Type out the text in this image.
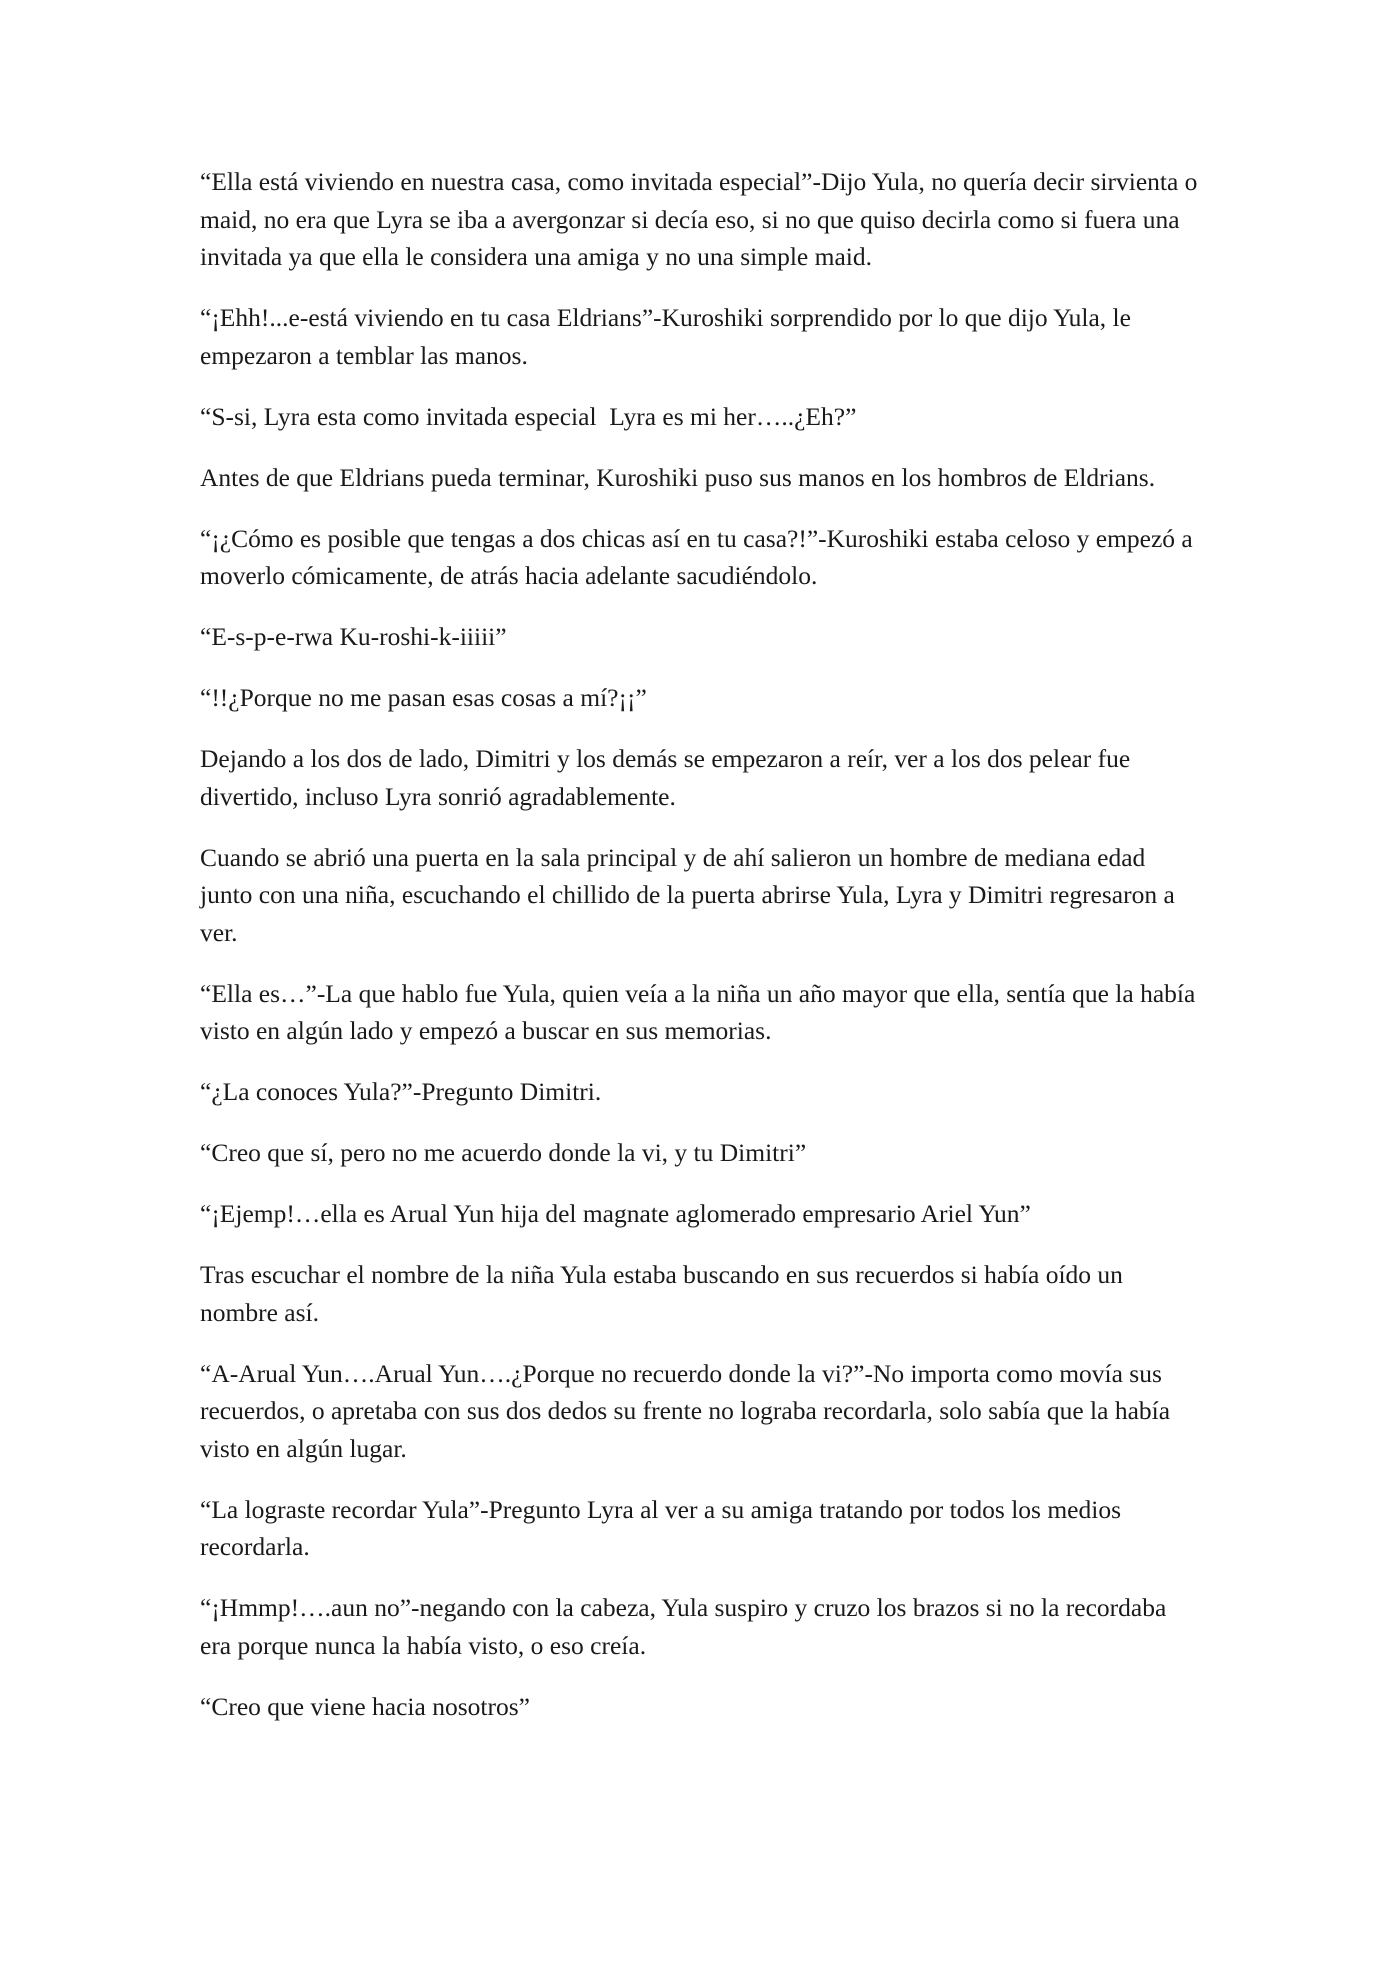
“Ella está viviendo en nuestra casa, como invitada especial”-Dijo Yula, no quería decir sirvienta o maid, no era que Lyra se iba a avergonzar si decía eso, si no que quiso decirla como si fuera una invitada ya que ella le considera una amiga y no una simple maid.

“¡Ehh!...e-está viviendo en tu casa Eldrians”-Kuroshiki sorprendido por lo que dijo Yula, le empezaron a temblar las manos.

“S-si, Lyra esta como invitada especial  Lyra es mi her…..¿Eh?”

Antes de que Eldrians pueda terminar, Kuroshiki puso sus manos en los hombros de Eldrians.

“¡¿Cómo es posible que tengas a dos chicas así en tu casa?!”-Kuroshiki estaba celoso y empezó a moverlo cómicamente, de atrás hacia adelante sacudiéndolo.

“E-s-p-e-rwa Ku-roshi-k-iiiii”

“!!¿Porque no me pasan esas cosas a mí?¡¡”

Dejando a los dos de lado, Dimitri y los demás se empezaron a reír, ver a los dos pelear fue divertido, incluso Lyra sonrió agradablemente.

Cuando se abrió una puerta en la sala principal y de ahí salieron un hombre de mediana edad junto con una niña, escuchando el chillido de la puerta abrirse Yula, Lyra y Dimitri regresaron a ver.

“Ella es…”-La que hablo fue Yula, quien veía a la niña un año mayor que ella, sentía que la había visto en algún lado y empezó a buscar en sus memorias.

“¿La conoces Yula?”-Pregunto Dimitri.

“Creo que sí, pero no me acuerdo donde la vi, y tu Dimitri”

“¡Ejemp!…ella es Arual Yun hija del magnate aglomerado empresario Ariel Yun”

Tras escuchar el nombre de la niña Yula estaba buscando en sus recuerdos si había oído un nombre así.

“A-Arual Yun….Arual Yun….¿Porque no recuerdo donde la vi?”-No importa como movía sus recuerdos, o apretaba con sus dos dedos su frente no lograba recordarla, solo sabía que la había visto en algún lugar.

“La lograste recordar Yula”-Pregunto Lyra al ver a su amiga tratando por todos los medios recordarla.

“¡Hmmp!….aun no”-negando con la cabeza, Yula suspiro y cruzo los brazos si no la recordaba era porque nunca la había visto, o eso creía.

“Creo que viene hacia nosotros”
